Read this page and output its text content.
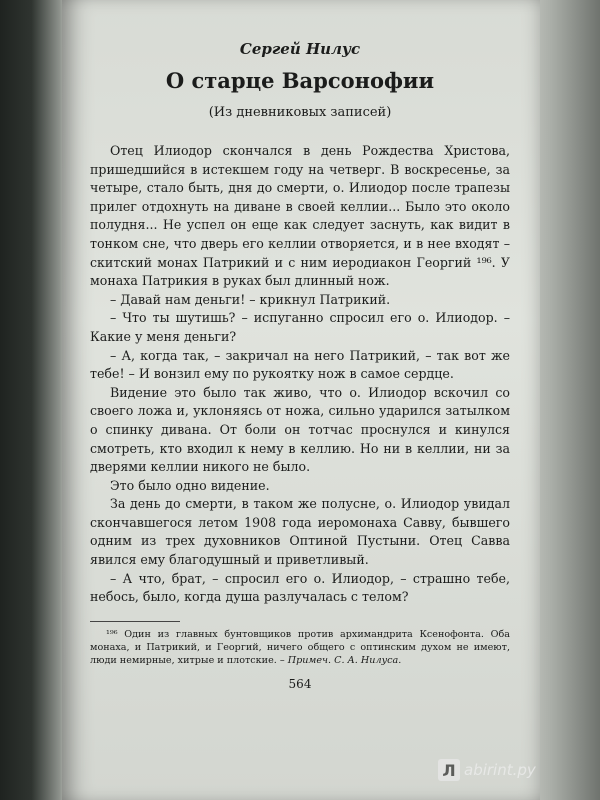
Сергей Нилус

О старце Варсонофии

(Из дневниковых записей)

Отец Илиодор скончался в день Рождества Христова, пришедшийся в истекшем году на четверг. В воскресенье, за четыре, стало быть, дня до смерти, о. Илиодор после трапезы прилег отдохнуть на диване в своей келлии... Было это около полудня... Не успел он еще как следует заснуть, как видит в тонком сне, что дверь его келлии отворяется, и в нее входят – скитский монах Патрикий и с ним иеродиакон Георгий ¹⁹⁶. У монаха Патрикия в руках был длинный нож.

– Давай нам деньги! – крикнул Патрикий.

– Что ты шутишь? – испуганно спросил его о. Илиодор. – Какие у меня деньги?

– А, когда так, – закричал на него Патрикий, – так вот же тебе! – И вонзил ему по рукоятку нож в самое сердце.

Видение это было так живо, что о. Илиодор вскочил со своего ложа и, уклоняясь от ножа, сильно ударился затылком о спинку дивана. От боли он тотчас проснулся и кинулся смотреть, кто входил к нему в келлию. Но ни в келлии, ни за дверями келлии никого не было.

Это было одно видение.

За день до смерти, в таком же полусне, о. Илиодор увидал скончавшегося летом 1908 года иеромонаха Савву, бывшего одним из трех духовников Оптиной Пустыни. Отец Савва явился ему благодушный и приветливый.

– А что, брат, – спросил его о. Илиодор, – страшно тебе, небось, было, когда душа разлучалась с телом?

¹⁹⁶ Один из главных бунтовщиков против архимандрита Ксенофонта. Оба монаха, и Патрикий, и Георгий, ничего общего с оптинским духом не имеют, люди немирные, хитрые и плотские. – Примеч. С. А. Нилуса.

564
Л abirint.ру
